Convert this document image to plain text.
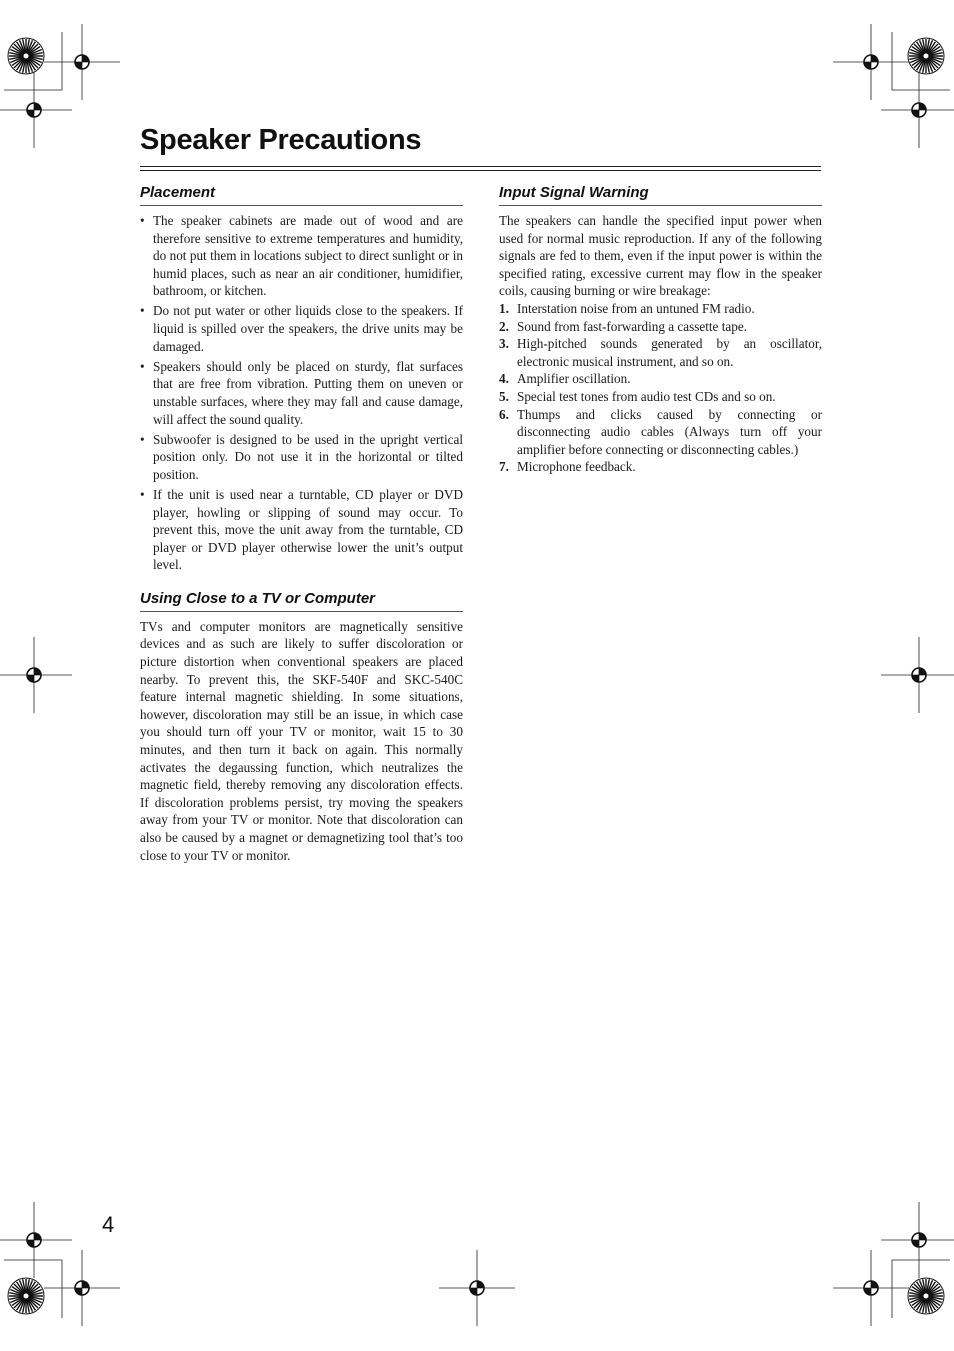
Speaker Precautions
Placement
• The speaker cabinets are made out of wood and are therefore sensitive to extreme temperatures and humidity, do not put them in locations subject to direct sunlight or in humid places, such as near an air conditioner, humidifier, bathroom, or kitchen.
• Do not put water or other liquids close to the speakers. If liquid is spilled over the speakers, the drive units may be damaged.
• Speakers should only be placed on sturdy, flat surfaces that are free from vibration. Putting them on uneven or unstable surfaces, where they may fall and cause damage, will affect the sound quality.
• Subwoofer is designed to be used in the upright vertical position only. Do not use it in the horizontal or tilted position.
• If the unit is used near a turntable, CD player or DVD player, howling or slipping of sound may occur. To prevent this, move the unit away from the turntable, CD player or DVD player otherwise lower the unit’s output level.
Using Close to a TV or Computer

TVs and computer monitors are magnetically sensitive devices and as such are likely to suffer discoloration or picture distortion when conventional speakers are placed nearby. To prevent this, the SKF-540F and SKC-540C feature internal magnetic shielding. In some situations, however, discoloration may still be an issue, in which case you should turn off your TV or monitor, wait 15 to 30 minutes, and then turn it back on again. This normally activates the degaussing function, which neutralizes the magnetic field, thereby removing any discoloration effects. If discoloration problems persist, try moving the speakers away from your TV or monitor. Note that discoloration can also be caused by a magnet or demagnetizing tool that’s too close to your TV or monitor.

Input Signal Warning

The speakers can handle the specified input power when used for normal music reproduction. If any of the following signals are fed to them, even if the input power is within the specified rating, excessive current may flow in the speaker coils, causing burning or wire breakage:

1. Interstation noise from an untuned FM radio.
2. Sound from fast-forwarding a cassette tape.
3. High-pitched sounds generated by an oscillator, electronic musical instrument, and so on.
4. Amplifier oscillation.
5. Special test tones from audio test CDs and so on.
6. Thumps and clicks caused by connecting or disconnecting audio cables (Always turn off your amplifier before connecting or disconnecting cables.)
7. Microphone feedback.
4
